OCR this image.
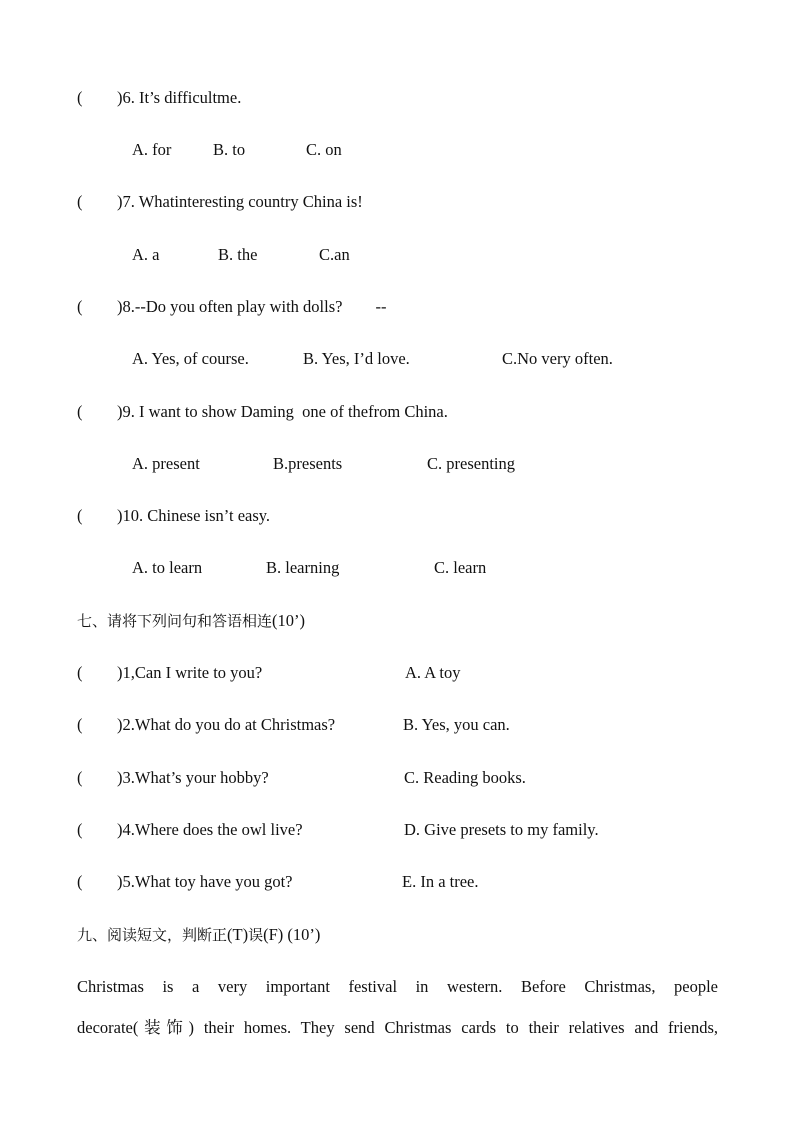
( )6. It’s difficultme.
A. for	B. to	C. on
( )7. Whatinteresting country China is!
A. a	B. the	C.an
( )8.--Do you often play with dolls?        --
A. Yes, of course.	B. Yes, I’d love.	C.No very often.
( )9. I want to show Daming  one of thefrom China.
A. present	B.presents	C. presenting
( )10. Chinese isn’t easy.
A. to learn	B. learning	C. learn
七、请将下列问句和答语相连(10’)
( )1,Can I write to you?	A. A toy
( )2.What do you do at Christmas?	B. Yes, you can.
( )3.What’s your hobby?	C. Reading books.
( )4.Where does the owl live?	D. Give presets to my family.
( )5.What toy have you got?	E. In a tree.
九、阅读短文，判断正(T)误(F) (10’)
Christmas is a very important festival in western. Before Christmas, people
decorate(装饰) their homes. They send Christmas cards to their relatives and friends,
